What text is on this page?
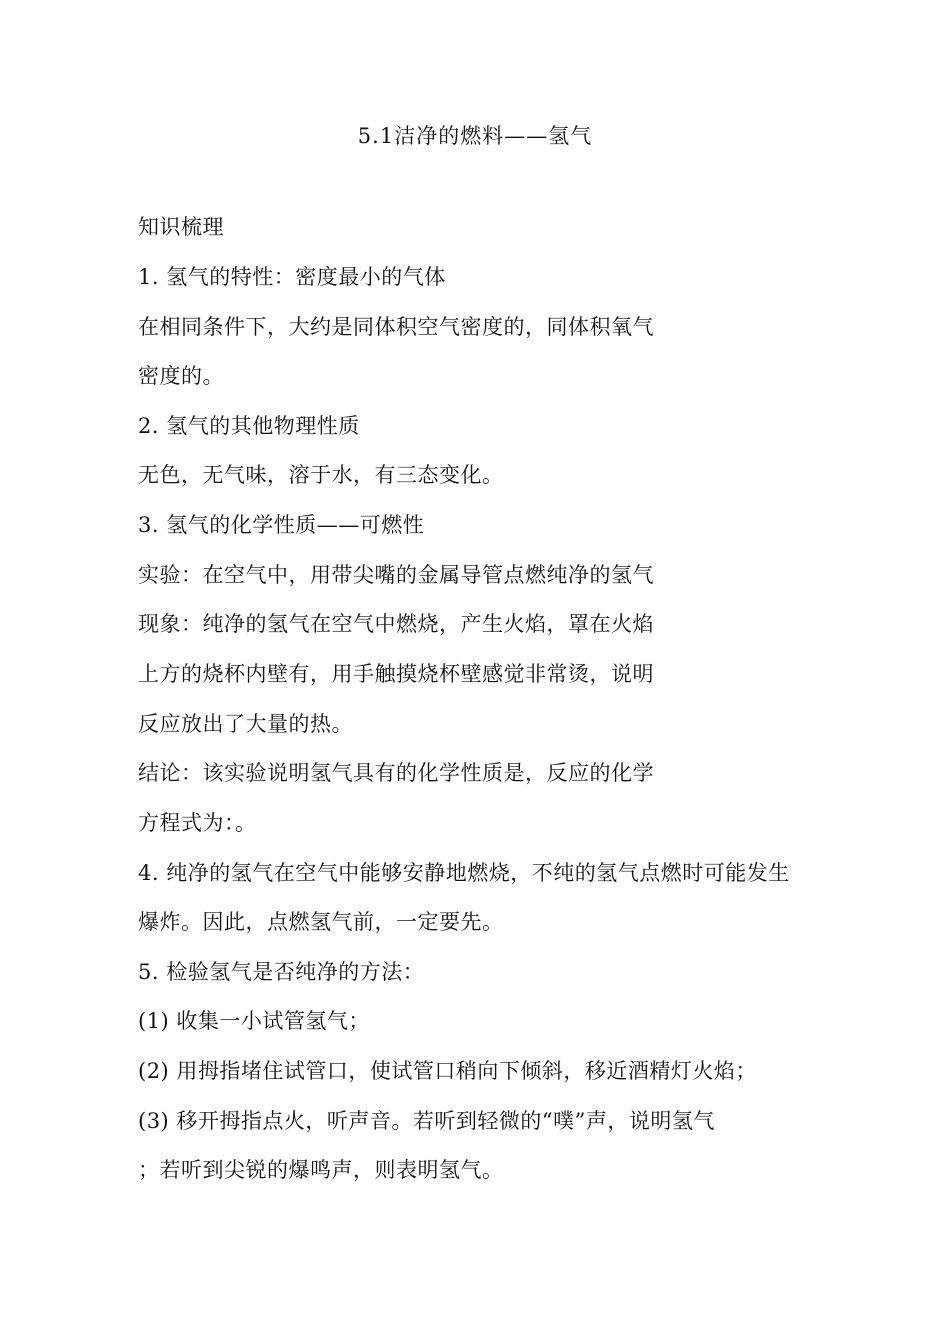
5.1洁净的燃料——氢气
知识梳理
1. 氢气的特性：密度最小的气体
在相同条件下，大约是同体积空气密度的，同体积氧气
密度的。
2. 氢气的其他物理性质
无色，无气味，溶于水，有三态变化。
3. 氢气的化学性质——可燃性
实验：在空气中，用带尖嘴的金属导管点燃纯净的氢气
现象：纯净的氢气在空气中燃烧，产生火焰，罩在火焰
上方的烧杯内壁有，用手触摸烧杯壁感觉非常烫，说明
反应放出了大量的热。
结论：该实验说明氢气具有的化学性质是，反应的化学
方程式为：。
4. 纯净的氢气在空气中能够安静地燃烧，不纯的氢气点燃时可能发生
爆炸。因此，点燃氢气前，一定要先。
5. 检验氢气是否纯净的方法：
(1) 收集一小试管氢气；
(2) 用拇指堵住试管口，使试管口稍向下倾斜，移近酒精灯火焰；
(3) 移开拇指点火，听声音。若听到轻微的“噗”声，说明氢气
；若听到尖锐的爆鸣声，则表明氢气。
